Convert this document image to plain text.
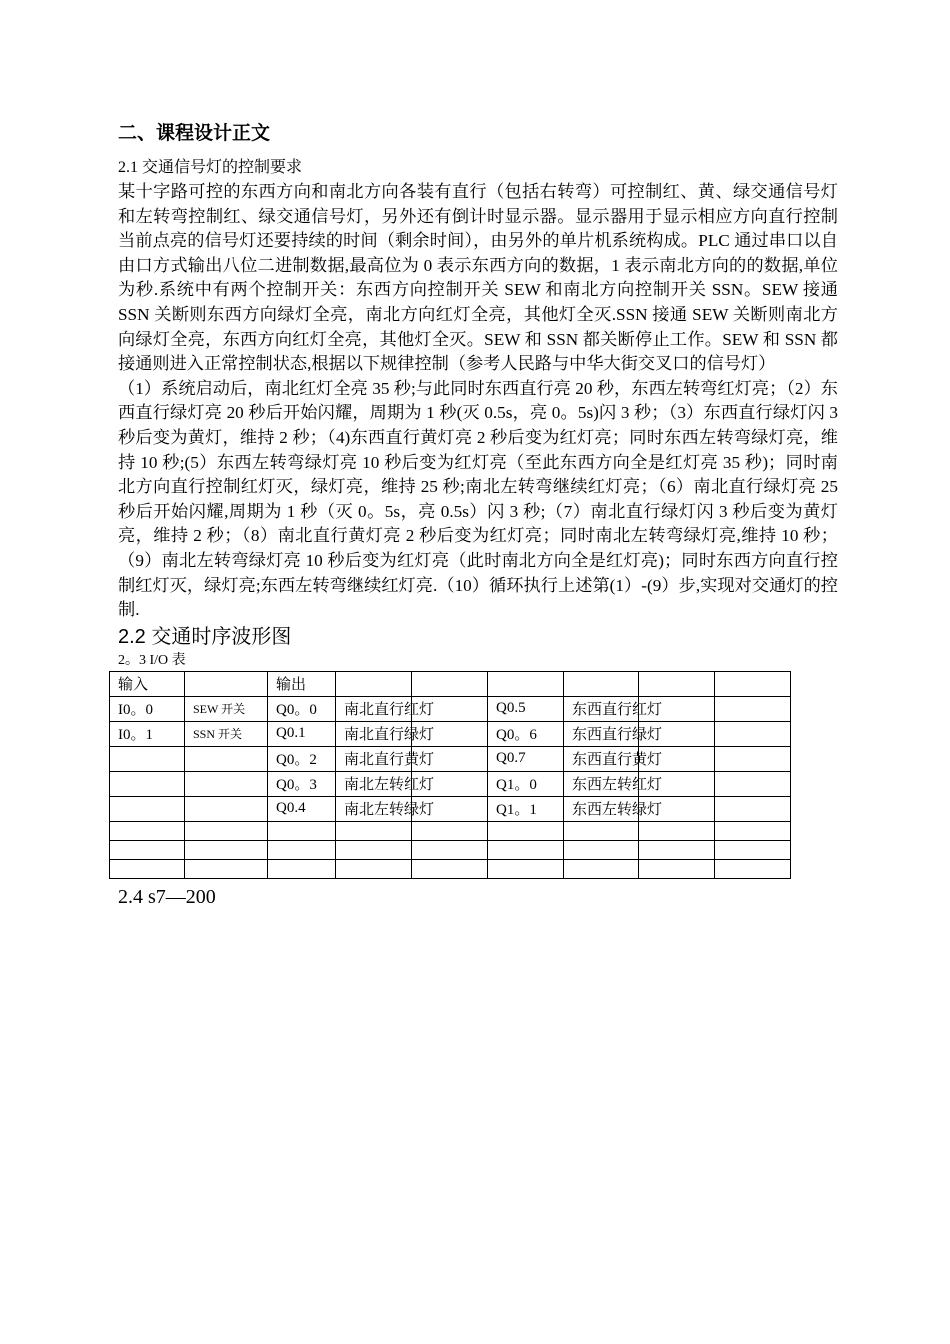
二、课程设计正文

2.1 交通信号灯的控制要求

某十字路可控的东西方向和南北方向各装有直行（包括右转弯）可控制红、黄、绿交通信号灯和左转弯控制红、绿交通信号灯，另外还有倒计时显示器。显示器用于显示相应方向直行控制当前点亮的信号灯还要持续的时间（剩余时间），由另外的单片机系统构成。PLC 通过串口以自由口方式输出八位二进制数据,最高位为 0 表示东西方向的数据，1 表示南北方向的的数据,单位为秒.系统中有两个控制开关：东西方向控制开关 SEW 和南北方向控制开关 SSN。SEW 接通 SSN 关断则东西方向绿灯全亮，南北方向红灯全亮，其他灯全灭.SSN 接通 SEW 关断则南北方向绿灯全亮，东西方向红灯全亮，其他灯全灭。SEW 和 SSN 都关断停止工作。SEW 和 SSN 都接通则进入正常控制状态,根据以下规律控制（参考人民路与中华大街交叉口的信号灯）

（1）系统启动后，南北红灯全亮 35 秒;与此同时东西直行亮 20 秒，东西左转弯红灯亮；（2）东西直行绿灯亮 20 秒后开始闪耀，周期为 1 秒(灭 0.5s，亮 0。5s)闪 3 秒；（3）东西直行绿灯闪 3 秒后变为黄灯，维持 2 秒；（4)东西直行黄灯亮 2 秒后变为红灯亮；同时东西左转弯绿灯亮，维持 10 秒;(5）东西左转弯绿灯亮 10 秒后变为红灯亮（至此东西方向全是红灯亮 35 秒)；同时南北方向直行控制红灯灭，绿灯亮，维持 25 秒;南北左转弯继续红灯亮；（6）南北直行绿灯亮 25 秒后开始闪耀,周期为 1 秒（灭 0。5s，亮 0.5s）闪 3 秒;（7）南北直行绿灯闪 3 秒后变为黄灯亮，维持 2 秒；（8）南北直行黄灯亮 2 秒后变为红灯亮；同时南北左转弯绿灯亮,维持 10 秒；（9）南北左转弯绿灯亮 10 秒后变为红灯亮（此时南北方向全是红灯亮)；同时东西方向直行控制红灯灭，绿灯亮;东西左转弯继续红灯亮.（10）循环执行上述第(1）-(9）步,实现对交通灯的控制.

2.2 交通时序波形图

2。3 I/O 表

输入		输出						
I0。0	SEW 开关	Q0。0	南北直行红灯		Q0.5	东西直行红灯		
I0。1	SSN 开关	Q0.1	南北直行绿灯		Q0。6	东西直行绿灯		
		Q0。2	南北直行黄灯		Q0.7	东西直行黄灯		
		Q0。3	南北左转红灯		Q1。0	东西左转红灯		
		Q0.4	南北左转绿灯		Q1。1	东西左转绿灯		

2.4 s7—200
